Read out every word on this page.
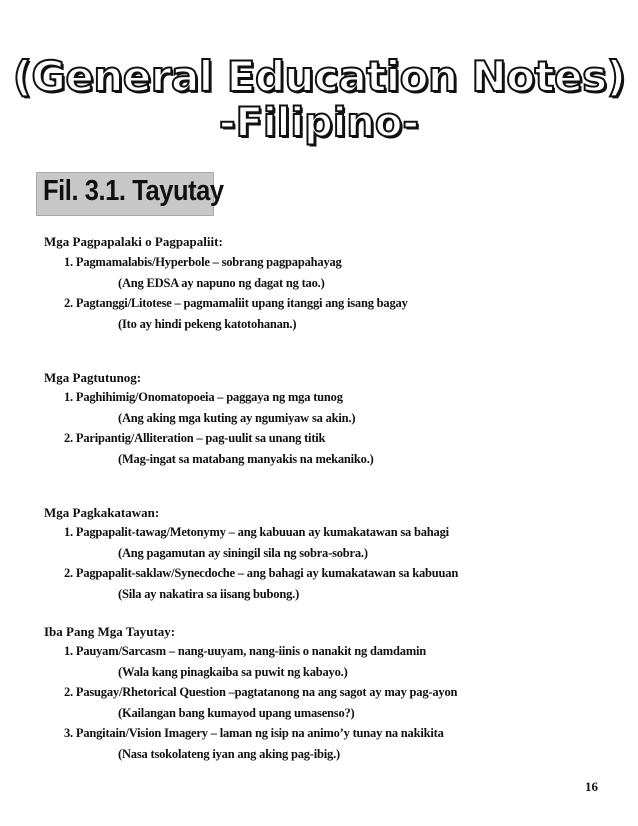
(General Education Notes)
-Filipino-
Fil. 3.1. Tayutay
Mga Pagpapalaki o Pagpapaliit:
1. Pagmamalabis/Hyperbole – sobrang pagpapahayag
(Ang EDSA ay napuno ng dagat ng tao.)
2. Pagtanggi/Litotese – pagmamaliit upang itanggi ang isang bagay
(Ito ay hindi pekeng katotohanan.)
Mga Pagtutunog:
1. Paghihimig/Onomatopoeia – paggaya ng mga tunog
(Ang aking mga kuting ay ngumiyaw sa akin.)
2. Paripantig/Alliteration – pag-uulit sa unang titik
(Mag-ingat sa matabang manyakis na mekaniko.)
Mga Pagkakatawan:
1. Pagpapalit-tawag/Metonymy – ang kabuuan ay kumakatawan sa bahagi
(Ang pagamutan ay siningil sila ng sobra-sobra.)
2. Pagpapalit-saklaw/Synecdoche – ang bahagi ay kumakatawan sa kabuuan
(Sila ay nakatira sa iisang bubong.)
Iba Pang Mga Tayutay:
1. Pauyam/Sarcasm – nang-uuyam, nang-iinis o nanakit ng damdamin
(Wala kang pinagkaiba sa puwit ng kabayo.)
2. Pasugay/Rhetorical Question –pagtatanong na ang sagot ay may pag-ayon
(Kailangan bang kumayod upang umasenso?)
3. Pangitain/Vision Imagery – laman ng isip na animo’y tunay na nakikita
(Nasa tsokolateng iyan ang aking pag-ibig.)
16
